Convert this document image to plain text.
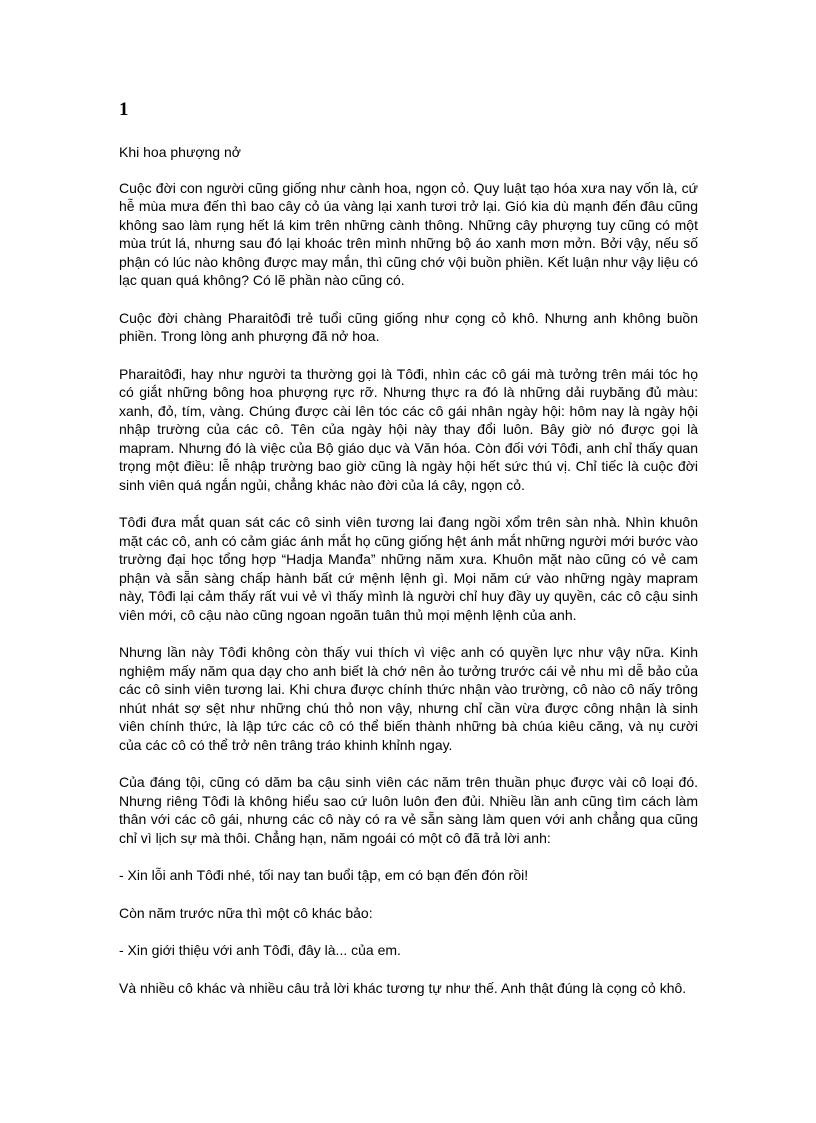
1
Khi hoa phượng nở

Cuộc đời con người cũng giống như cành hoa, ngọn cỏ. Quy luật tạo hóa xưa nay vốn là, cứ hễ mùa mưa đến thì bao cây cỏ úa vàng lại xanh tươi trở lại. Gió kia dù mạnh đến đâu cũng không sao làm rụng hết lá kim trên những cành thông. Những cây phượng tuy cũng có một mùa trút lá, nhưng sau đó lại khoác trên mình những bộ áo xanh mơn mởn. Bởi vậy, nếu số phận có lúc nào không được may mắn, thì cũng chớ vội buồn phiền. Kết luận như vậy liệu có lạc quan quá không? Có lẽ phần nào cũng có.

Cuộc đời chàng Pharaitôđi trẻ tuổi cũng giống như cọng cỏ khô. Nhưng anh không buồn phiền. Trong lòng anh phượng đã nở hoa.

Pharaitôđi, hay như người ta thường gọi là Tôđi, nhìn các cô gái mà tưởng trên mái tóc họ có giắt những bông hoa phượng rực rỡ. Nhưng thực ra đó là những dải ruybăng đủ màu: xanh, đỏ, tím, vàng. Chúng được cài lên tóc các cô gái nhân ngày hội: hôm nay là ngày hội nhập trường của các cô. Tên của ngày hội này thay đổi luôn. Bây giờ nó được gọi là mapram. Nhưng đó là việc của Bộ giáo dục và Văn hóa. Còn đối với Tôđi, anh chỉ thấy quan trọng một điều: lễ nhập trường bao giờ cũng là ngày hội hết sức thú vị. Chỉ tiếc là cuộc đời sinh viên quá ngắn ngủi, chẳng khác nào đời của lá cây, ngọn cỏ.

Tôđi đưa mắt quan sát các cô sinh viên tương lai đang ngồi xổm trên sàn nhà. Nhìn khuôn mặt các cô, anh có cảm giác ánh mắt họ cũng giống hệt ánh mắt những người mới bước vào trường đại học tổng hợp “Hadja Manđa” những năm xưa. Khuôn mặt nào cũng có vẻ cam phận và sẵn sàng chấp hành bất cứ mệnh lệnh gì. Mọi năm cứ vào những ngày mapram này, Tôđi lại cảm thấy rất vui vẻ vì thấy mình là người chỉ huy đầy uy quyền, các cô cậu sinh viên mới, cô cậu nào cũng ngoan ngoãn tuân thủ mọi mệnh lệnh của anh.

Nhưng lần này Tôđi không còn thấy vui thích vì việc anh có quyền lực như vậy nữa. Kinh nghiệm mấy năm qua dạy cho anh biết là chớ nên ảo tưởng trước cái vẻ nhu mì dễ bảo của các cô sinh viên tương lai. Khi chưa được chính thức nhận vào trường, cô nào cô nấy trông nhút nhát sợ sệt như những chú thỏ non vậy, nhưng chỉ cần vừa được công nhận là sinh viên chính thức, là lập tức các cô có thể biến thành những bà chúa kiêu căng, và nụ cười của các cô có thể trở nên trâng tráo khinh khỉnh ngay.

Của đáng tội, cũng có dăm ba cậu sinh viên các năm trên thuần phục được vài cô loại đó. Nhưng riêng Tôđi là không hiểu sao cứ luôn luôn đen đủi. Nhiều lần anh cũng tìm cách làm thân với các cô gái, nhưng các cô này có ra vẻ sẵn sàng làm quen với anh chẳng qua cũng chỉ vì lịch sự mà thôi. Chẳng hạn, năm ngoái có một cô đã trả lời anh:

- Xin lỗi anh Tôđi nhé, tối nay tan buổi tập, em có bạn đến đón rồi!

Còn năm trước nữa thì một cô khác bảo:

- Xin giới thiệu với anh Tôđi, đây là... của em.

Và nhiều cô khác và nhiều câu trả lời khác tương tự như thế. Anh thật đúng là cọng cỏ khô.
